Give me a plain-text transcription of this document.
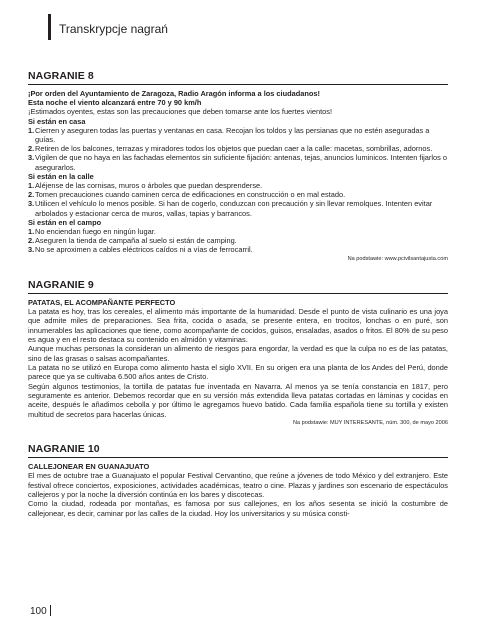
Transkrypcje nagrań
NAGRANIE 8

¡Por orden del Ayuntamiento de Zaragoza, Radio Aragón informa a los ciudadanos!

Esta noche el viento alcanzará entre 70 y 90 km/h

¡Estimados oyentes, estas son las precauciones que deben tomarse ante los fuertes vientos!

Si están en casa

1. Cierren y aseguren todas las puertas y ventanas en casa. Recojan los toldos y las persianas que no estén aseguradas a guías.
2. Retiren de los balcones, terrazas y miradores todos los objetos que puedan caer a la calle: macetas, sombrillas, adornos.
3. Vigilen de que no haya en las fachadas elementos sin suficiente fijación: antenas, tejas, anuncios luminicos. Intenten fijarlos o asegurarlos.

Si están en la calle

1. Aléjense de las cornisas, muros o árboles que puedan desprenderse.
2. Tomen precauciones cuando caminen cerca de edificaciones en construcción o en mal estado.
3. Utilicen el vehículo lo menos posible. Si han de cogerlo, conduzcan con precaución y sin llevar remolques. Intenten evitar arbolados y estacionar cerca de muros, vallas, tapias y barrancos.

Si están en el campo

1. No enciendan fuego en ningún lugar.
2. Aseguren la tienda de campaña al suelo si están de camping.
3. No se aproximen a cables eléctricos caídos ni a vías de ferrocarril.

Na podstawie: www.pcivilsantajusta.com

NAGRANIE 9

PATATAS, EL ACOMPAÑANTE PERFECTO

La patata es hoy, tras los cereales, el alimento más importante de la humanidad. Desde el punto de vista culinario es una joya que admite miles de preparaciones. Sea frita, cocida o asada, se presente entera, en trocitos, lonchas o en puré, son innumerables las aplicaciones que tiene, como acompañante de cocidos, guisos, ensaladas, asados o fritos. El 80% de su peso es agua y en el resto destaca su contenido en almidón y vitaminas.

Aunque muchas personas la consideran un alimento de riesgos para engordar, la verdad es que la culpa no es de las patatas, sino de las grasas o salsas acompañantes.

La patata no se utilizó en Europa como alimento hasta el siglo XVII. En su origen era una planta de los Andes del Perú, donde parece que ya se cultivaba 6.500 años antes de Cristo.

Según algunos testimonios, la tortilla de patatas fue inventada en Navarra. Al menos ya se tenía constancia en 1817, pero seguramente es anterior. Debemos recordar que en su versión más extendida lleva patatas cortadas en láminas y cocidas en aceite, después le añadimos cebolla y por último le agregamos huevo batido. Cada familia española tiene su tortilla y existen multitud de secretos para hacerlas únicas.

Na podstawie: MUY INTERESANTE, núm. 300, de mayo 2006

NAGRANIE 10

CALLEJONEAR EN GUANAJUATO

El mes de octubre trae a Guanajuato el popular Festival Cervantino, que reúne a jóvenes de todo México y del extranjero. Este festival ofrece conciertos, exposiciones, actividades académicas, teatro o cine. Plazas y jardines son escenario de espectáculos callejeros y por la noche la diversión continúa en los bares y discotecas.

Como la ciudad, rodeada por montañas, es famosa por sus callejones, en los años sesenta se inició la costumbre de callejonear, es decir, caminar por las calles de la ciudad. Hoy los universitarios y su música consti-

100
